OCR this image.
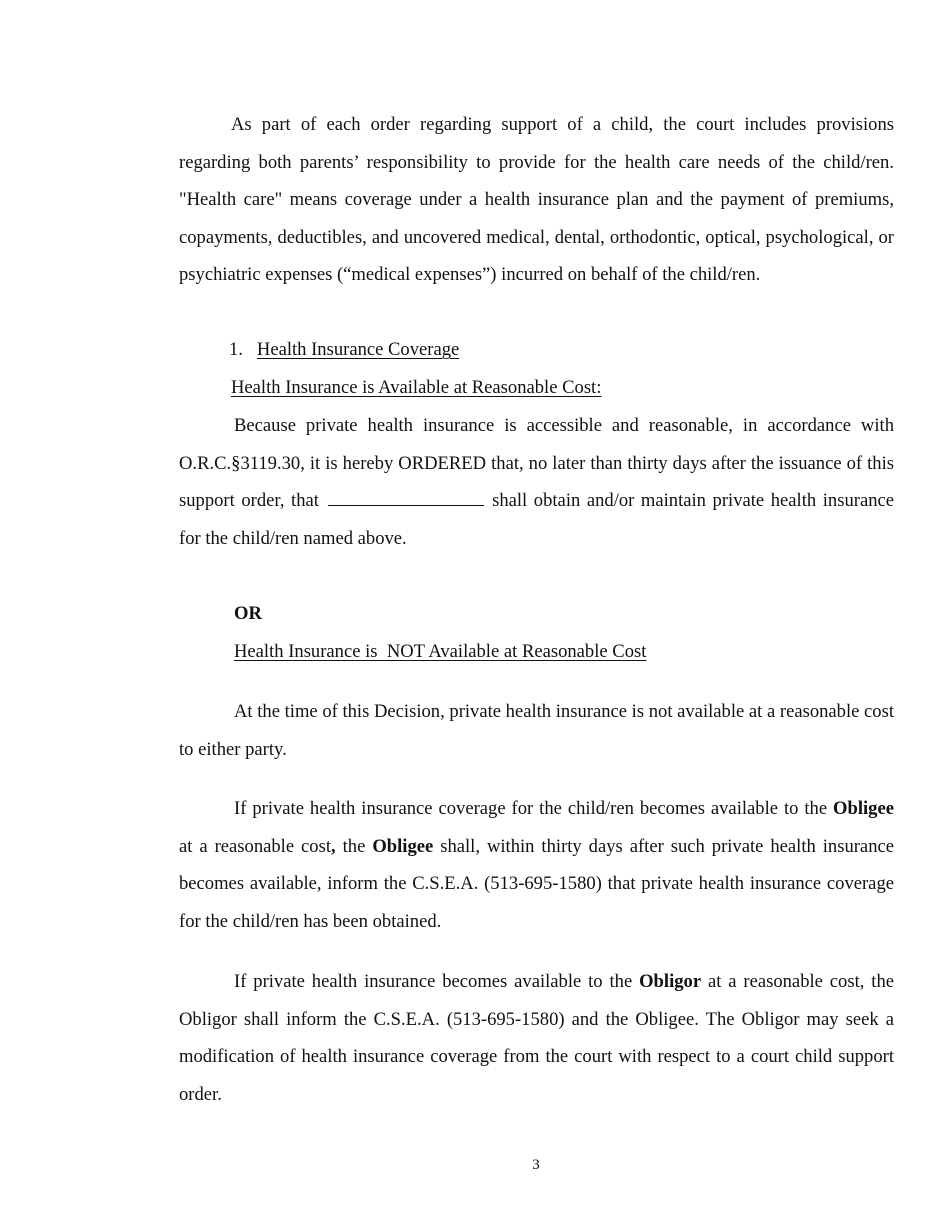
As part of each order regarding support of a child, the court includes provisions regarding both parents’ responsibility to provide for the health care needs of the child/ren. "Health care" means coverage under a health insurance plan and the payment of premiums, copayments, deductibles, and uncovered medical, dental, orthodontic, optical, psychological, or psychiatric expenses (“medical expenses”) incurred on behalf of the child/ren.

1. Health Insurance Coverage

Health Insurance is Available at Reasonable Cost:

Because private health insurance is accessible and reasonable, in accordance with O.R.C.§3119.30, it is hereby ORDERED that, no later than thirty days after the issuance of this support order, that	shall obtain and/or maintain private health insurance for the child/ren named above.

OR

Health Insurance is  NOT Available at Reasonable Cost

At the time of this Decision, private health insurance is not available at a reasonable cost to either party.

If private health insurance coverage for the child/ren becomes available to the Obligee at a reasonable cost, the Obligee shall, within thirty days after such private health insurance becomes available, inform the C.S.E.A. (513-695-1580) that private health insurance coverage for the child/ren has been obtained.

If private health insurance becomes available to the Obligor at a reasonable cost, the Obligor shall inform the C.S.E.A. (513-695-1580) and the Obligee. The Obligor may seek a modification of health insurance coverage from the court with respect to a court child support order.

3
